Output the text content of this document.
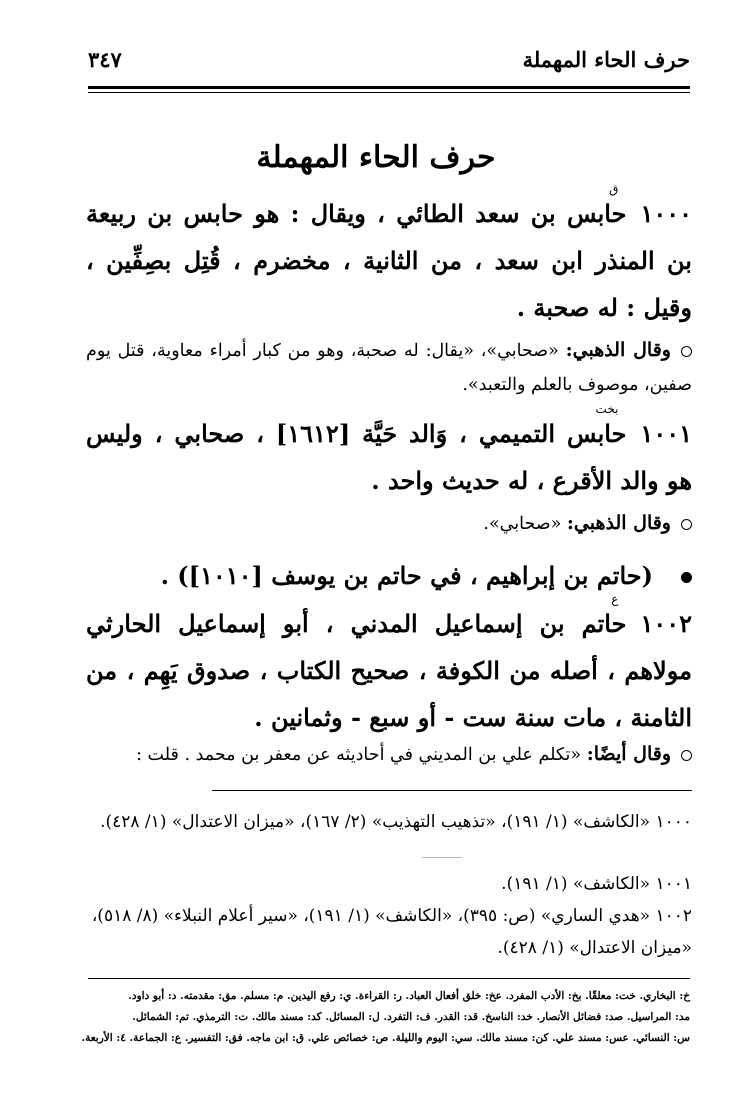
حرف الحاء المهملة
٣٤٧
حرف الحاء المهملة
١٠٠٠
ق
حابس بن سعد الطائي ، ويقال : هو حابس بن ربيعة بن المنذر ابن سعد ، من الثانية ، مخضرم ، قُتِل بصِفِّين ، وقيل : له صحبة .
وقال الذهبي: «صحابي»، «يقال: له صحبة، وهو من كبار أمراء معاوية، قتل يوم صفين، موصوف بالعلم والتعبد».
١٠٠١
بخت
حابس التميمي ، وَالد حَيَّة [١٦١٢] ، صحابي ، وليس هو والد الأقرع ، له حديث واحد .
وقال الذهبي: «صحابي».
(حاتم بن إبراهيم ، في حاتم بن يوسف [١٠١٠]) .
١٠٠٢
ع
حاتم بن إسماعيل المدني ، أبو إسماعيل الحارثي مولاهم ، أصله من الكوفة ، صحيح الكتاب ، صدوق يَهِم ، من الثامنة ، مات سنة ست - أو سبع - وثمانين .
وقال أيضًا: «تكلم علي بن المديني في أحاديثه عن معفر بن محمد . قلت :
١٠٠٠ «الكاشف» (١/ ١٩١)، «تذهيب التهذيب» (٢/ ١٦٧)، «ميزان الاعتدال» (١/ ٤٢٨).
١٠٠١ «الكاشف» (١/ ١٩١).
١٠٠٢ «هدي الساري» (ص: ٣٩٥)، «الكاشف» (١/ ١٩١)، «سير أعلام النبلاء» (٨/ ٥١٨)، «ميزان الاعتدال» (١/ ٤٢٨).

خ: البخاري. خت: معلقًا. بخ: الأدب المفرد. عخ: خلق أفعال العباد. ر: القراءة. ي: رفع اليدين. م: مسلم. مق: مقدمته. د: أبو داود.

مد: المراسيل. صد: فضائل الأنصار. خد: الناسخ. قد: القدر. ف: التفرد. ل: المسائل. كد: مسند مالك. ت: الترمذي. تم: الشمائل.

س: النسائي. عس: مسند علي. كن: مسند مالك. سي: اليوم والليلة. ص: خصائص علي. ق: ابن ماجه. فق: التفسير. ع: الجماعة. ٤: الأربعة.
